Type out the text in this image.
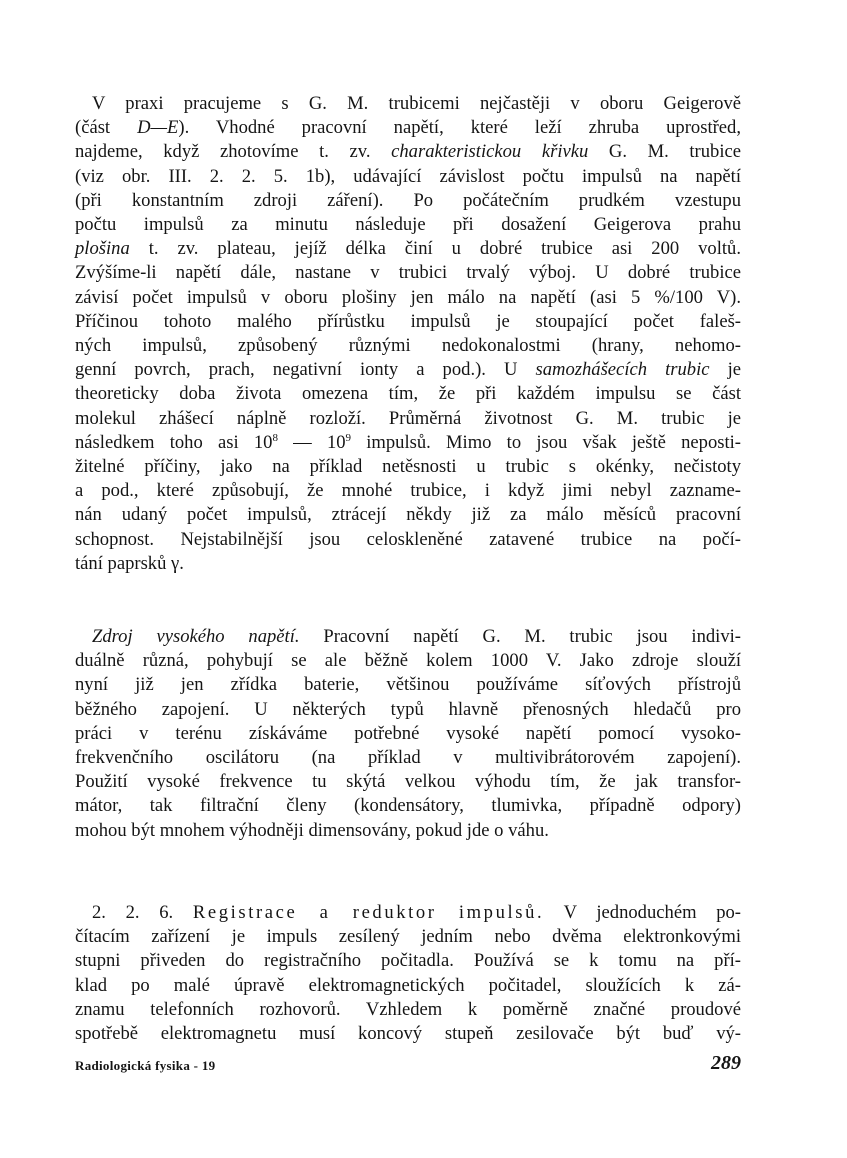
V praxi pracujeme s G. M. trubicemi nejčastěji v oboru Geigerově
(část D—E). Vhodné pracovní napětí, které leží zhruba uprostřed,
najdeme, když zhotovíme t. zv. charakteristickou křivku G. M. trubice
(viz obr. III. 2. 2. 5. 1b), udávající závislost počtu impulsů na napětí
(při konstantním zdroji záření). Po počátečním prudkém vzestupu
počtu impulsů za minutu následuje při dosažení Geigerova prahu
plošina t. zv. plateau, jejíž délka činí u dobré trubice asi 200 voltů.
Zvýšíme-li napětí dále, nastane v trubici trvalý výboj. U dobré trubice
závisí počet impulsů v oboru plošiny jen málo na napětí (asi 5 %/100 V).
Příčinou tohoto malého přírůstku impulsů je stoupající počet faleš-
ných impulsů, způsobený různými nedokonalostmi (hrany, nehomo-
genní povrch, prach, negativní ionty a pod.). U samozhášecích trubic je
theoreticky doba života omezena tím, že při každém impulsu se část
molekul zhášecí náplně rozloží. Průměrná životnost G. M. trubic je
následkem toho asi $10^8$ — $10^9$ impulsů. Mimo to jsou však ještě neposti-
žitelné příčiny, jako na příklad netěsnosti u trubic s okénky, nečistoty
a pod., které způsobují, že mnohé trubice, i když jimi nebyl zazname-
nán udaný počet impulsů, ztrácejí někdy již za málo měsíců pracovní
schopnost. Nejstabilnější jsou celoskleněné zatavené trubice na počí-
tání paprsků γ.
Zdroj vysokého napětí. Pracovní napětí G. M. trubic jsou indivi-
duálně různá, pohybují se ale běžně kolem 1000 V. Jako zdroje slouží
nyní již jen zřídka baterie, většinou používáme síťových přístrojů
běžného zapojení. U některých typů hlavně přenosných hledačů pro
práci v terénu získáváme potřebné vysoké napětí pomocí vysoko-
frekvenčního oscilátoru (na příklad v multivibrátorovém zapojení).
Použití vysoké frekvence tu skýtá velkou výhodu tím, že jak transfor-
mátor, tak filtrační členy (kondensátory, tlumivka, případně odpory)
mohou být mnohem výhodněji dimensovány, pokud jde o váhu.
2. 2. 6. Registrace a reduktor impulsů. V jednoduchém po-
čítacím zařízení je impuls zesílený jedním nebo dvěma elektronkovými
stupni přiveden do registračního počitadla. Používá se k tomu na pří-
klad po malé úpravě elektromagnetických počitadel, sloužících k zá-
znamu telefonních rozhovorů. Vzhledem k poměrně značné proudové
spotřebě elektromagnetu musí koncový stupeň zesilovače být buď vý-
Radiologická fysika - 19	289
